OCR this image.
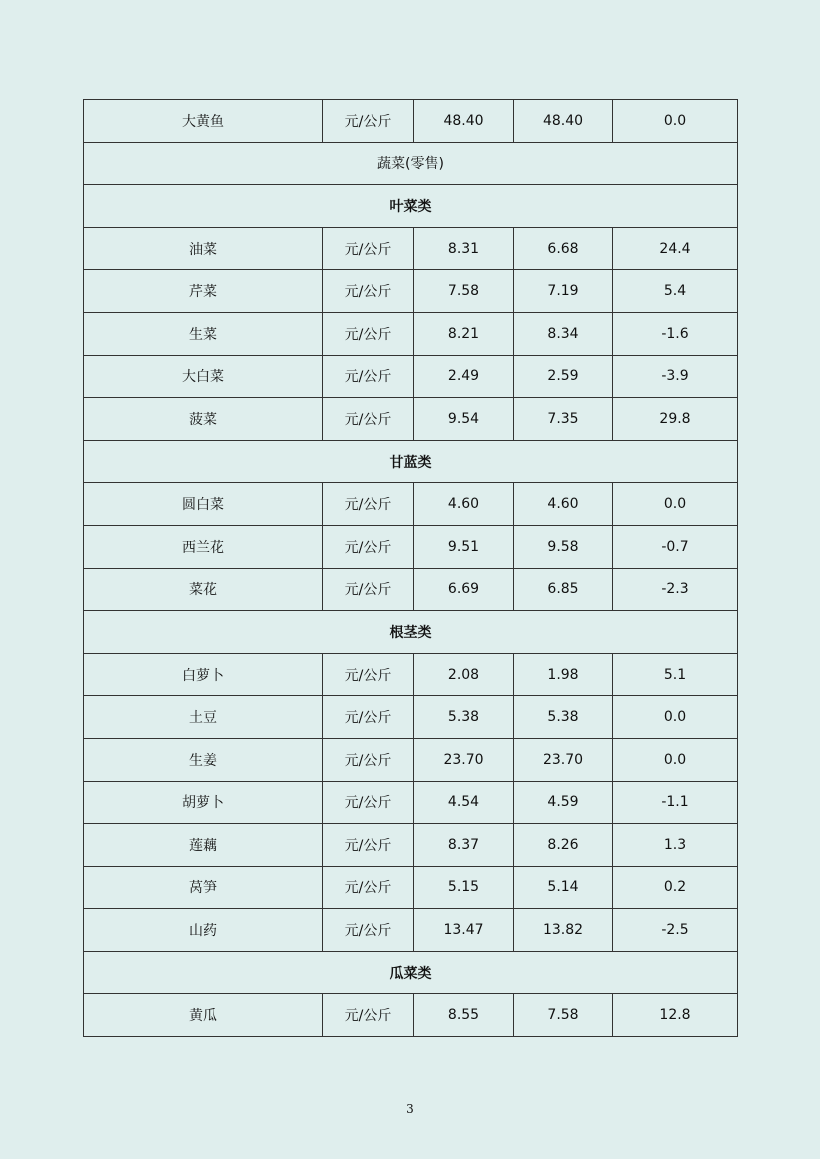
大黄鱼	元/公斤	48.40	48.40	0.0
蔬菜(零售)				
叶菜类				
油菜	元/公斤	8.31	6.68	24.4
芹菜	元/公斤	7.58	7.19	5.4
生菜	元/公斤	8.21	8.34	-1.6
大白菜	元/公斤	2.49	2.59	-3.9
菠菜	元/公斤	9.54	7.35	29.8
甘蓝类				
圆白菜	元/公斤	4.60	4.60	0.0
西兰花	元/公斤	9.51	9.58	-0.7
菜花	元/公斤	6.69	6.85	-2.3
根茎类				
白萝卜	元/公斤	2.08	1.98	5.1
土豆	元/公斤	5.38	5.38	0.0
生姜	元/公斤	23.70	23.70	0.0
胡萝卜	元/公斤	4.54	4.59	-1.1
莲藕	元/公斤	8.37	8.26	1.3
莴笋	元/公斤	5.15	5.14	0.2
山药	元/公斤	13.47	13.82	-2.5
瓜菜类				
黄瓜	元/公斤	8.55	7.58	12.8
3
